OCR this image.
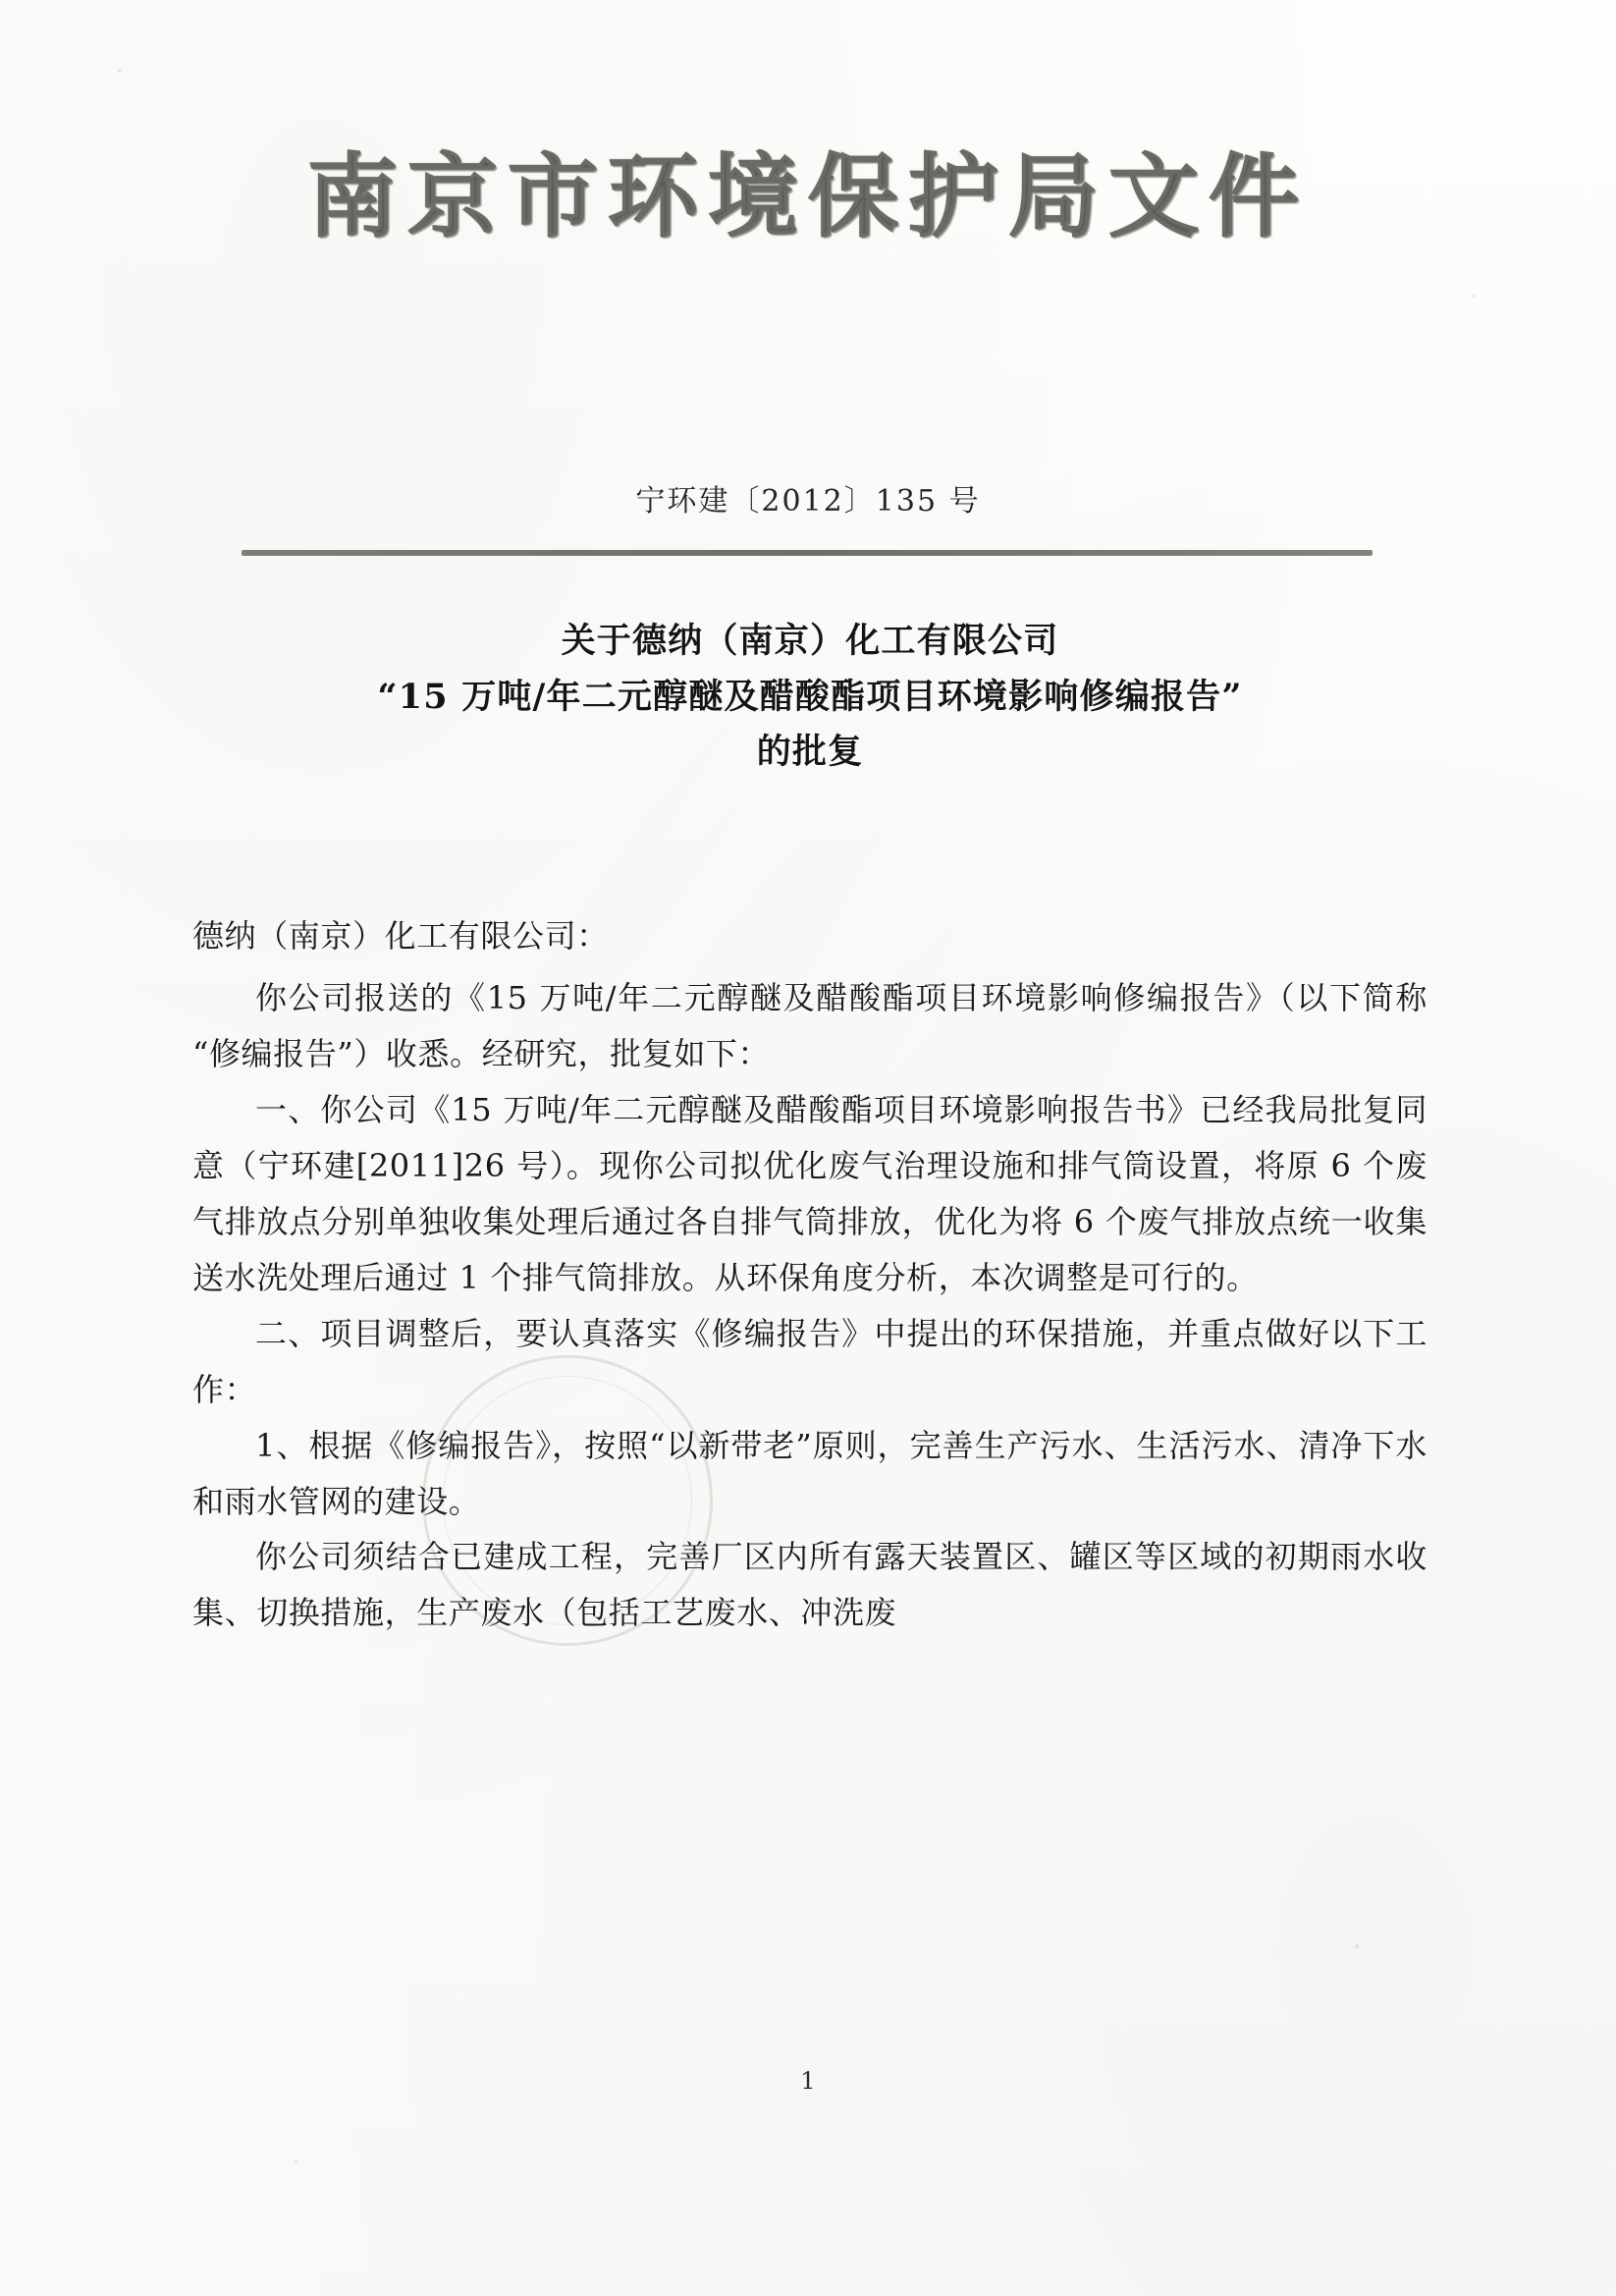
南京市环境保护局文件
宁环建〔2012〕135 号
关于德纳（南京）化工有限公司
“15 万吨/年二元醇醚及醋酸酯项目环境影响修编报告”
的批复

德纳（南京）化工有限公司：

你公司报送的《15 万吨/年二元醇醚及醋酸酯项目环境影响修编报告》（以下简称“修编报告”）收悉。经研究，批复如下：

一、你公司《15 万吨/年二元醇醚及醋酸酯项目环境影响报告书》已经我局批复同意（宁环建[2011]26 号）。现你公司拟优化废气治理设施和排气筒设置，将原 6 个废气排放点分别单独收集处理后通过各自排气筒排放，优化为将 6 个废气排放点统一收集送水洗处理后通过 1 个排气筒排放。从环保角度分析，本次调整是可行的。

二、项目调整后，要认真落实《修编报告》中提出的环保措施，并重点做好以下工作：

1、根据《修编报告》，按照“以新带老”原则，完善生产污水、生活污水、清净下水和雨水管网的建设。

你公司须结合已建成工程，完善厂区内所有露天装置区、罐区等区域的初期雨水收集、切换措施，生产废水（包括工艺废水、冲洗废

1
